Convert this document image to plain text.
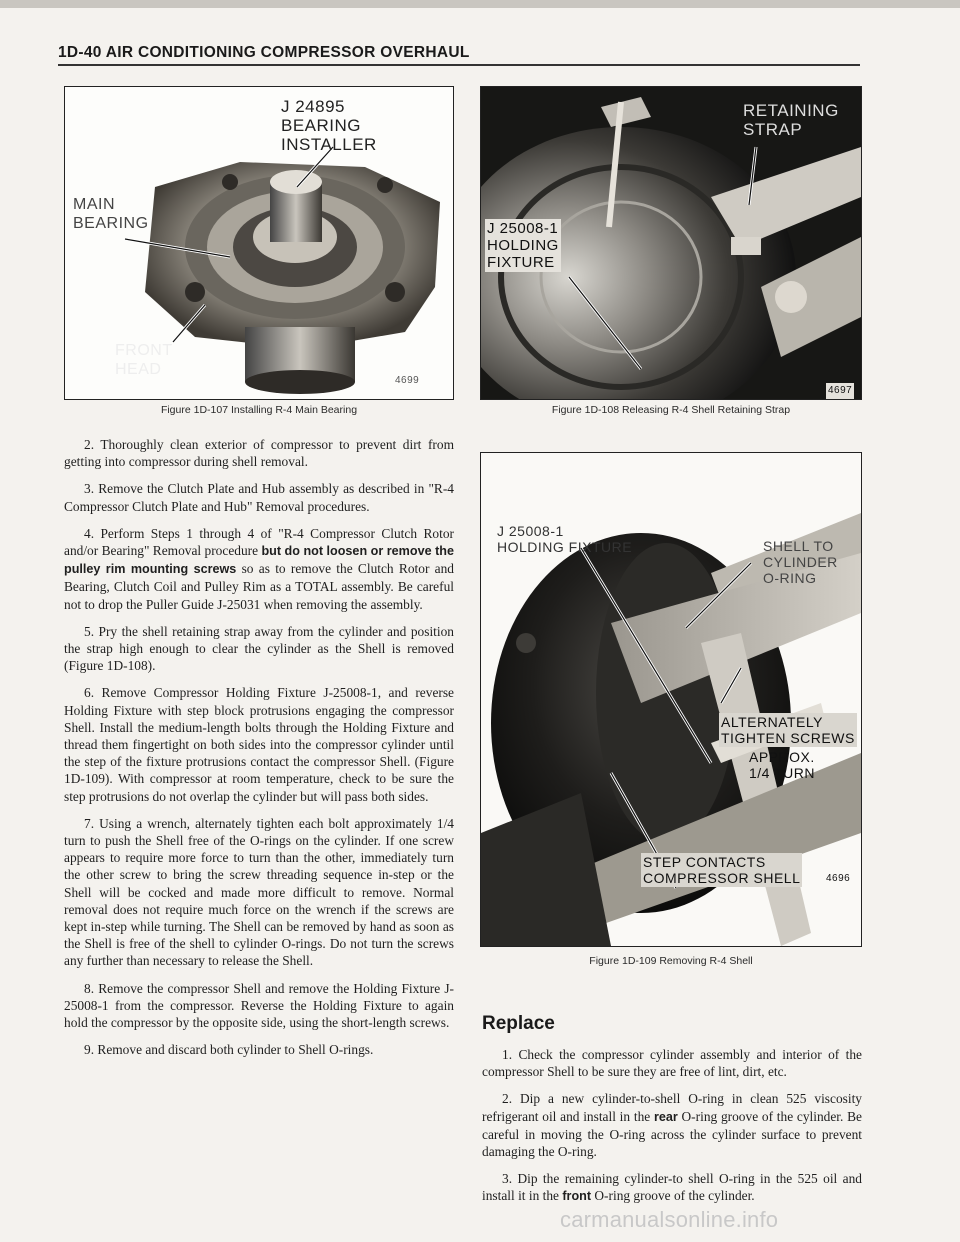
1D-40 AIR CONDITIONING COMPRESSOR OVERHAUL
J 24895
BEARING
INSTALLER
MAIN
BEARING
FRONT
HEAD
4699
Figure 1D-107 Installing R-4 Main Bearing
RETAINING
STRAP
J 25008-1
HOLDING
FIXTURE
4697
Figure 1D-108 Releasing R-4 Shell Retaining Strap
J 25008-1
HOLDING FIXTURE	SHELL TO
CYLINDER
O-RING
ALTERNATELY
TIGHTEN SCREWS
APPROX.
1/4 TURN
STEP CONTACTS
COMPRESSOR SHELL	4696
Figure 1D-109 Removing R-4 Shell

2. Thoroughly clean exterior of compressor to prevent dirt from getting into compressor during shell removal.

3. Remove the Clutch Plate and Hub assembly as described in "R-4 Compressor Clutch Plate and Hub" Removal procedures.

4. Perform Steps 1 through 4 of "R-4 Compressor Clutch Rotor and/or Bearing" Removal procedure but do not loosen or remove the pulley rim mounting screws so as to remove the Clutch Rotor and Bearing, Clutch Coil and Pulley Rim as a TOTAL assembly. Be careful not to drop the Puller Guide J-25031 when removing the assembly.

5. Pry the shell retaining strap away from the cylinder and position the strap high enough to clear the cylinder as the Shell is removed (Figure 1D-108).

6. Remove Compressor Holding Fixture J-25008-1, and reverse Holding Fixture with step block protrusions engaging the compressor Shell. Install the medium-length bolts through the Holding Fixture and thread them fingertight on both sides into the compressor cylinder until the step of the fixture protrusions contact the compressor Shell. (Figure 1D-109). With compressor at room temperature, check to be sure the step protrusions do not overlap the cylinder but will pass both sides.

7. Using a wrench, alternately tighten each bolt approximately 1/4 turn to push the Shell free of the O-rings on the cylinder. If one screw appears to require more force to turn than the other, immediately turn the other screw to bring the screw threading sequence in-step or the Shell will be cocked and made more difficult to remove. Normal removal does not require much force on the wrench if the screws are kept in-step while turning. The Shell can be removed by hand as soon as the Shell is free of the shell to cylinder O-rings. Do not turn the screws any further than necessary to release the Shell.

8. Remove the compressor Shell and remove the Holding Fixture J-25008-1 from the compressor. Reverse the Holding Fixture to again hold the compressor by the opposite side, using the short-length screws.

9. Remove and discard both cylinder to Shell O-rings.

Replace

1. Check the compressor cylinder assembly and interior of the compressor Shell to be sure they are free of lint, dirt, etc.

2. Dip a new cylinder-to-shell O-ring in clean 525 viscosity refrigerant oil and install in the rear O-ring groove of the cylinder. Be careful in moving the O-ring across the cylinder surface to prevent damaging the O-ring.

3. Dip the remaining cylinder-to shell O-ring in the 525 oil and install it in the front O-ring groove of the cylinder.

carmanualsonline.info
